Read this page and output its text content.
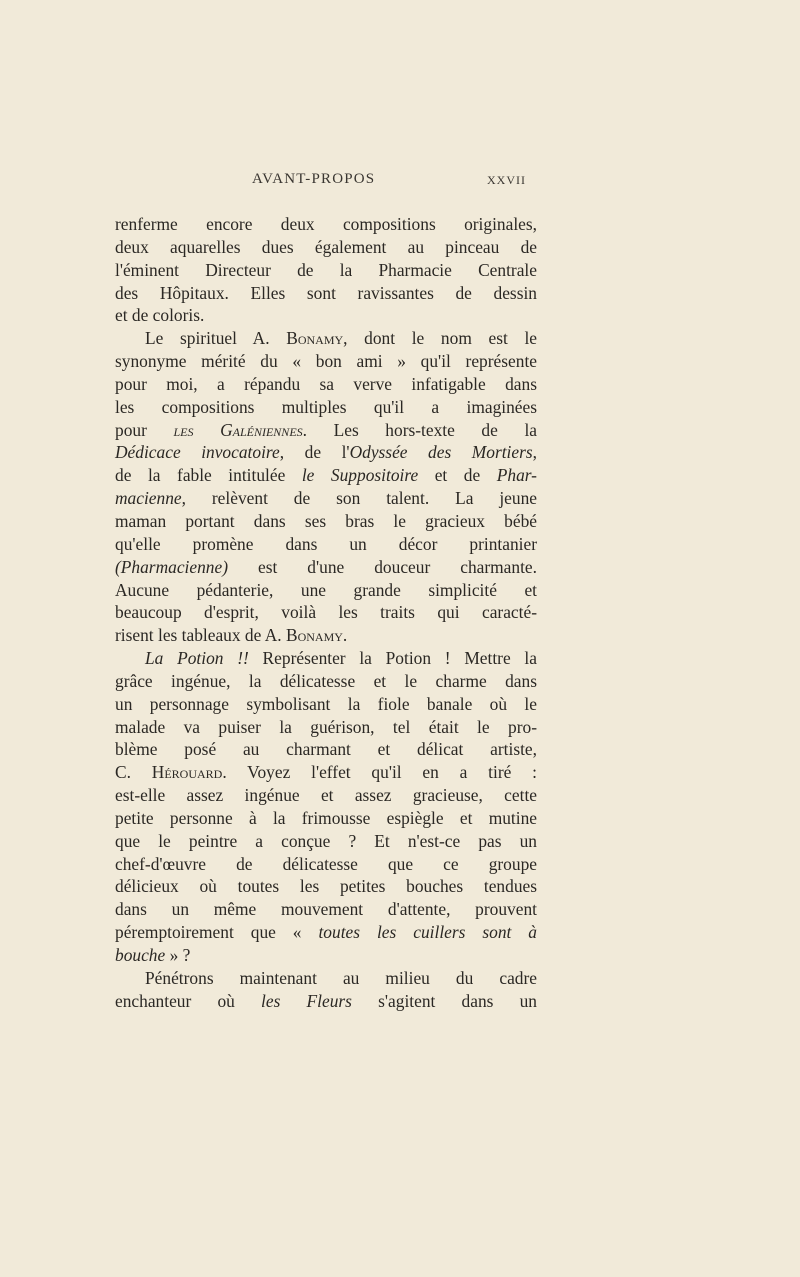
AVANT-PROPOS	XXVII
renferme encore deux compositions originales,
deux aquarelles dues également au pinceau de
l'éminent Directeur de la Pharmacie Centrale
des Hôpitaux. Elles sont ravissantes de dessin
et de coloris.
Le spirituel A. Bonamy, dont le nom est le
synonyme mérité du « bon ami » qu'il représente
pour moi, a répandu sa verve infatigable dans
les compositions multiples qu'il a imaginées
pour les Galéniennes. Les hors-texte de la
Dédicace invocatoire, de l'Odyssée des Mortiers,
de la fable intitulée le Suppositoire et de Phar-
macienne, relèvent de son talent. La jeune
maman portant dans ses bras le gracieux bébé
qu'elle promène dans un décor printanier
(Pharmacienne) est d'une douceur charmante.
Aucune pédanterie, une grande simplicité et
beaucoup d'esprit, voilà les traits qui caracté-
risent les tableaux de A. Bonamy.
La Potion !! Représenter la Potion ! Mettre la
grâce ingénue, la délicatesse et le charme dans
un personnage symbolisant la fiole banale où le
malade va puiser la guérison, tel était le pro-
blème posé au charmant et délicat artiste,
C. Hérouard. Voyez l'effet qu'il en a tiré :
est-elle assez ingénue et assez gracieuse, cette
petite personne à la frimousse espiègle et mutine
que le peintre a conçue ? Et n'est-ce pas un
chef-d'œuvre de délicatesse que ce groupe
délicieux où toutes les petites bouches tendues
dans un même mouvement d'attente, prouvent
péremptoirement que « toutes les cuillers sont à
bouche » ?
Pénétrons maintenant au milieu du cadre
enchanteur où les Fleurs s'agitent dans un
